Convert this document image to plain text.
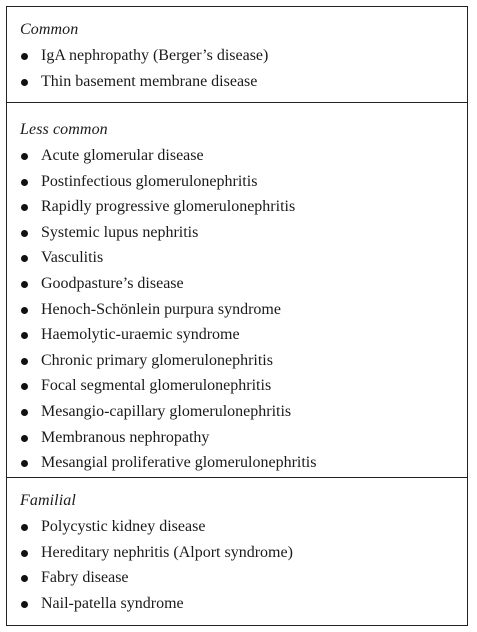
Common
IgA nephropathy (Berger’s disease)
Thin basement membrane disease
Less common
Acute glomerular disease
Postinfectious glomerulonephritis
Rapidly progressive glomerulonephritis
Systemic lupus nephritis
Vasculitis
Goodpasture’s disease
Henoch-Schönlein purpura syndrome
Haemolytic-uraemic syndrome
Chronic primary glomerulonephritis
Focal segmental glomerulonephritis
Mesangio-capillary glomerulonephritis
Membranous nephropathy
Mesangial proliferative glomerulonephritis
Familial
Polycystic kidney disease
Hereditary nephritis (Alport syndrome)
Fabry disease
Nail-patella syndrome
